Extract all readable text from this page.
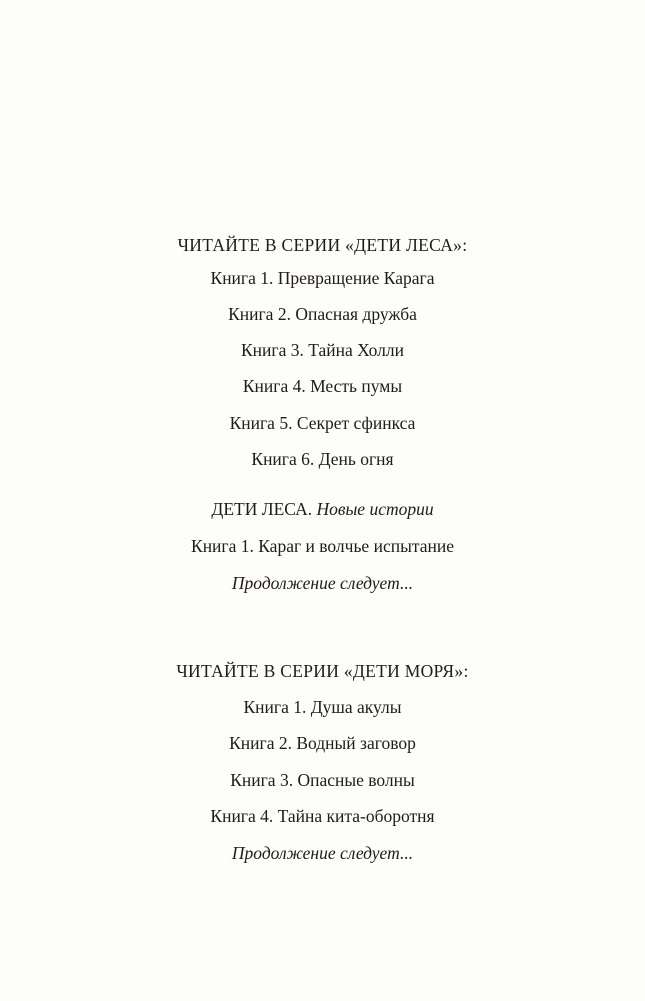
ЧИТАЙТЕ В СЕРИИ «ДЕТИ ЛЕСА»:
Книга 1. Превращение Карага
Книга 2. Опасная дружба
Книга 3. Тайна Холли
Книга 4. Месть пумы
Книга 5. Секрет сфинкса
Книга 6. День огня
ДЕТИ ЛЕСА. Новые истории
Книга 1. Караг и волчье испытание
Продолжение следует...
ЧИТАЙТЕ В СЕРИИ «ДЕТИ МОРЯ»:
Книга 1. Душа акулы
Книга 2. Водный заговор
Книга 3. Опасные волны
Книга 4. Тайна кита-оборотня
Продолжение следует...
